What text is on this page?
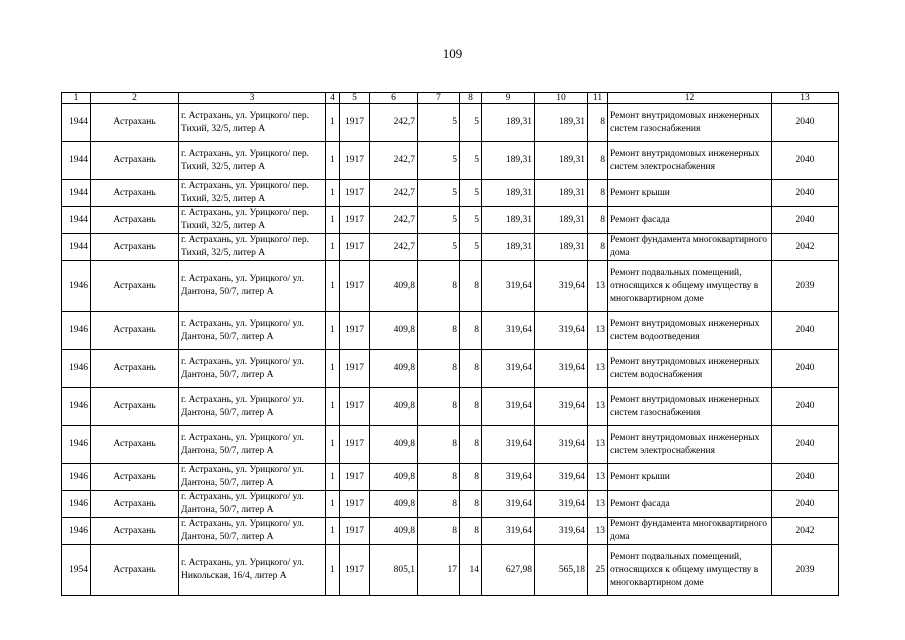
109
1	2	3	4	5	6	7	8	9	10	11	12	13
1944	Астрахань	г. Астрахань, ул. Урицкого/ пер. Тихий, 32/5, литер А	1	1917	242,7	5	5	189,31	189,31	8	Ремонт внутридомовых инженерных систем газоснабжения	2040
1944	Астрахань	г. Астрахань, ул. Урицкого/ пер. Тихий, 32/5, литер А	1	1917	242,7	5	5	189,31	189,31	8	Ремонт внутридомовых инженерных систем электроснабжения	2040
1944	Астрахань	г. Астрахань, ул. Урицкого/ пер. Тихий, 32/5, литер А	1	1917	242,7	5	5	189,31	189,31	8	Ремонт крыши	2040
1944	Астрахань	г. Астрахань, ул. Урицкого/ пер. Тихий, 32/5, литер А	1	1917	242,7	5	5	189,31	189,31	8	Ремонт фасада	2040
1944	Астрахань	г. Астрахань, ул. Урицкого/ пер. Тихий, 32/5, литер А	1	1917	242,7	5	5	189,31	189,31	8	Ремонт фундамента многоквартирного дома	2042
1946	Астрахань	г. Астрахань, ул. Урицкого/ ул. Дантона, 50/7, литер А	1	1917	409,8	8	8	319,64	319,64	13	Ремонт подвальных помещений, относящихся к общему имуществу в многоквартирном доме	2039
1946	Астрахань	г. Астрахань, ул. Урицкого/ ул. Дантона, 50/7, литер А	1	1917	409,8	8	8	319,64	319,64	13	Ремонт внутридомовых инженерных систем водоотведения	2040
1946	Астрахань	г. Астрахань, ул. Урицкого/ ул. Дантона, 50/7, литер А	1	1917	409,8	8	8	319,64	319,64	13	Ремонт внутридомовых инженерных систем водоснабжения	2040
1946	Астрахань	г. Астрахань, ул. Урицкого/ ул. Дантона, 50/7, литер А	1	1917	409,8	8	8	319,64	319,64	13	Ремонт внутридомовых инженерных систем газоснабжения	2040
1946	Астрахань	г. Астрахань, ул. Урицкого/ ул. Дантона, 50/7, литер А	1	1917	409,8	8	8	319,64	319,64	13	Ремонт внутридомовых инженерных систем электроснабжения	2040
1946	Астрахань	г. Астрахань, ул. Урицкого/ ул. Дантона, 50/7, литер А	1	1917	409,8	8	8	319,64	319,64	13	Ремонт крыши	2040
1946	Астрахань	г. Астрахань, ул. Урицкого/ ул. Дантона, 50/7, литер А	1	1917	409,8	8	8	319,64	319,64	13	Ремонт фасада	2040
1946	Астрахань	г. Астрахань, ул. Урицкого/ ул. Дантона, 50/7, литер А	1	1917	409,8	8	8	319,64	319,64	13	Ремонт фундамента многоквартирного дома	2042
1954	Астрахань	г. Астрахань, ул. Урицкого/ ул. Никольская, 16/4, литер А	1	1917	805,1	17	14	627,98	565,18	25	Ремонт подвальных помещений, относящихся к общему имуществу в многоквартирном доме	2039
